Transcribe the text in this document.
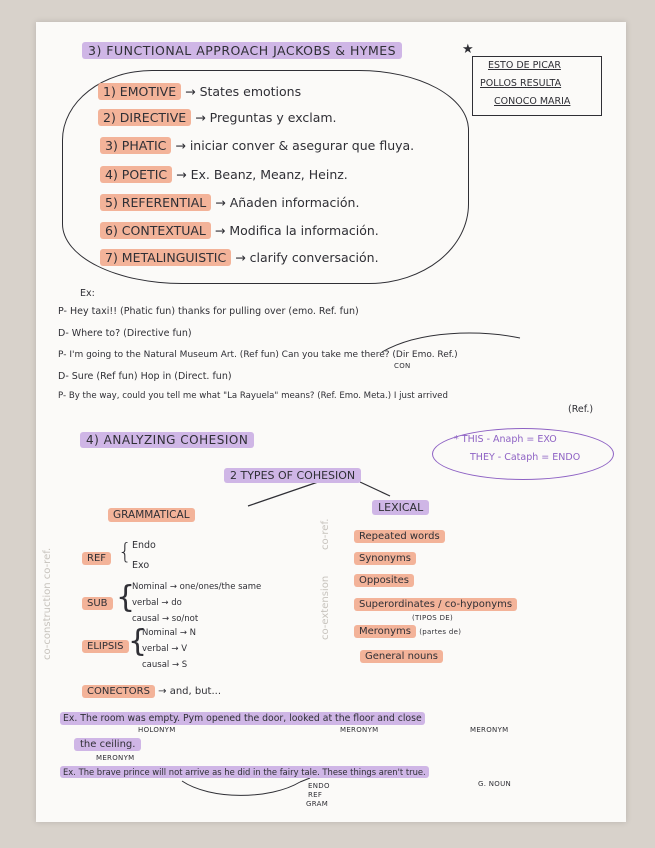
3) FUNCTIONAL APPROACH JACKOBS & HYMES
1) EMOTIVE → States emotions
2) DIRECTIVE → Preguntas y exclam.
3) PHATIC → iniciar conver & asegurar que fluya.
4) POETIC → Ex. Beanz, Meanz, Heinz.
5) REFERENTIAL → Añaden información.
6) CONTEXTUAL → Modifica la información.
7) METALINGUISTIC → clarify conversación.
★
ESTO DE PICAR
POLLOS RESULTA
CONOCO MARIA
Ex:
P- Hey taxi!! (Phatic fun) thanks for pulling over (emo. Ref. fun)
D- Where to? (Directive fun)
P- I'm going to the Natural Museum Art. (Ref fun) Can you take me there? (Dir Emo. Ref.)
D- Sure (Ref fun) Hop in (Direct. fun)
P- By the way, could you tell me what "La Rayuela" means? (Ref. Emo. Meta.) I just arrived
(Ref.)
CON
4) ANALYZING COHESION	* THIS - Anaph = EXO
THEY - Cataph = ENDO
2 TYPES OF COHESION
GRAMMATICAL
LEXICAL
co-construction co-ref.
co-ref.
co-extension
REF { Endo
Exo
SUB {
Nominal → one/ones/the same
verbal → do
causal → so/not
ELIPSIS {
Nominal → N
verbal → V
causal → S
CONECTORS → and, but...
Repeated words
Synonyms
Opposites
Superordinates / co-hyponyms
(TIPOS DE)
Meronyms (partes de)
General nouns
Ex. The room was empty. Pym opened the door, looked at the floor and close
HOLONYM	MERONYM	MERONYM
the ceiling.
MERONYM
Ex. The brave prince will not arrive as he did in the fairy tale. These things aren't true.
ENDO
REF
GRAM
G. NOUN
